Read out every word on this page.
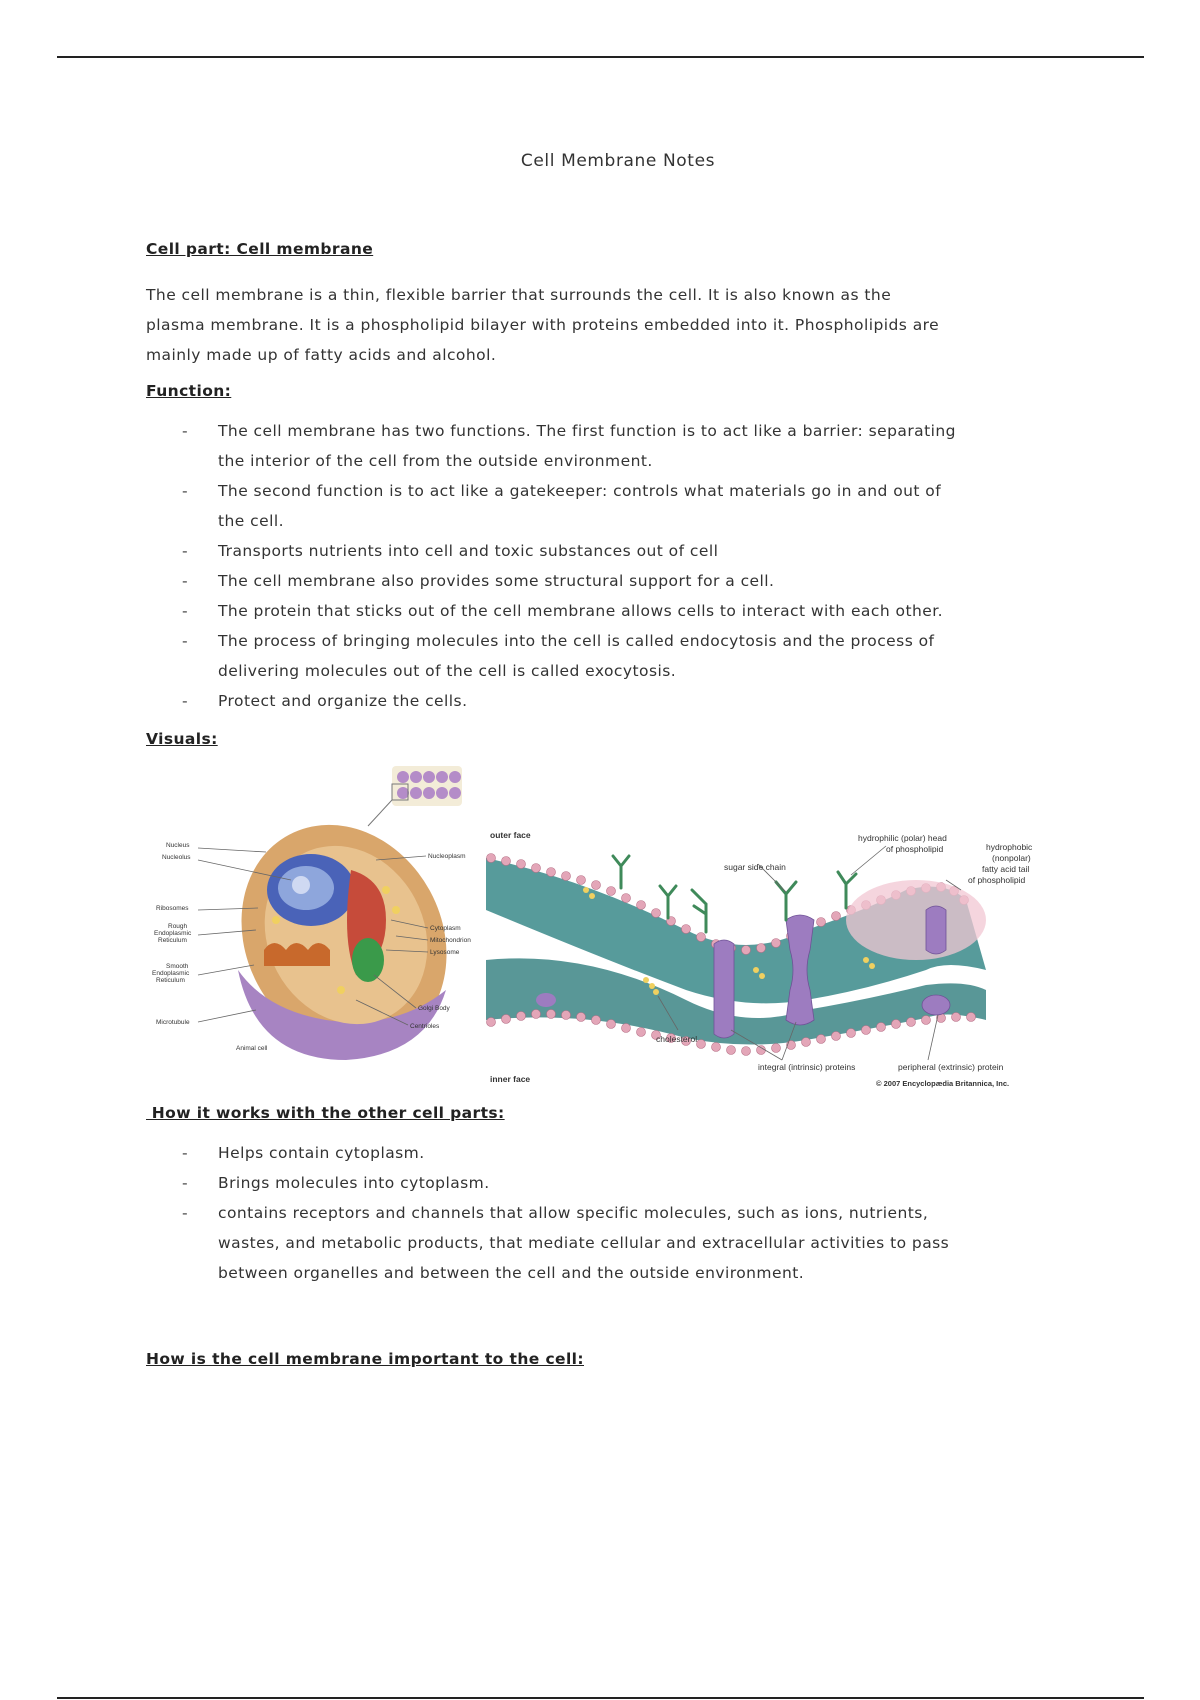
Cell Membrane Notes

Cell part: Cell membrane

The cell membrane is a thin, flexible barrier that surrounds the cell. It is also known as the

plasma membrane. It is a phospholipid bilayer with proteins embedded into it. Phospholipids are

mainly made up of fatty acids and alcohol.

Function:

- The cell membrane has two functions. The first function is to act like a barrier: separating
the interior of the cell from the outside environment.
- The second function is to act like a gatekeeper: controls what materials go in and out of
the cell.
- Transports nutrients into cell and toxic substances out of cell
- The cell membrane also provides some structural support for a cell.
- The protein that sticks out of the cell membrane allows cells to interact with each other.
- The process of bringing molecules into the cell is called endocytosis and the process of
delivering molecules out of the cell is called exocytosis.
- Protect and organize the cells.

Visuals:

Nucleus
Nucleolus
Ribosomes
Rough
Endoplasmic
Reticulum
Smooth
Endoplasmic
Reticulum
Microtubule
Animal cell
Nucleoplasm
Cytoplasm
Mitochondrion
Lysosome
Golgi Body
Centrioles
outer face
inner face
sugar side chain
hydrophilic (polar) head
of phospholipid	hydrophobic
(nonpolar)
fatty acid tail
of phospholipid
cholesterol
integral (intrinsic) proteins	peripheral (extrinsic) protein
© 2007 Encyclopædia Britannica, Inc.

How it works with the other cell parts:

- Helps contain cytoplasm.
- Brings molecules into cytoplasm.
- contains receptors and channels that allow specific molecules, such as ions, nutrients,
wastes, and metabolic products, that mediate cellular and extracellular activities to pass
between organelles and between the cell and the outside environment.

How is the cell membrane important to the cell:
